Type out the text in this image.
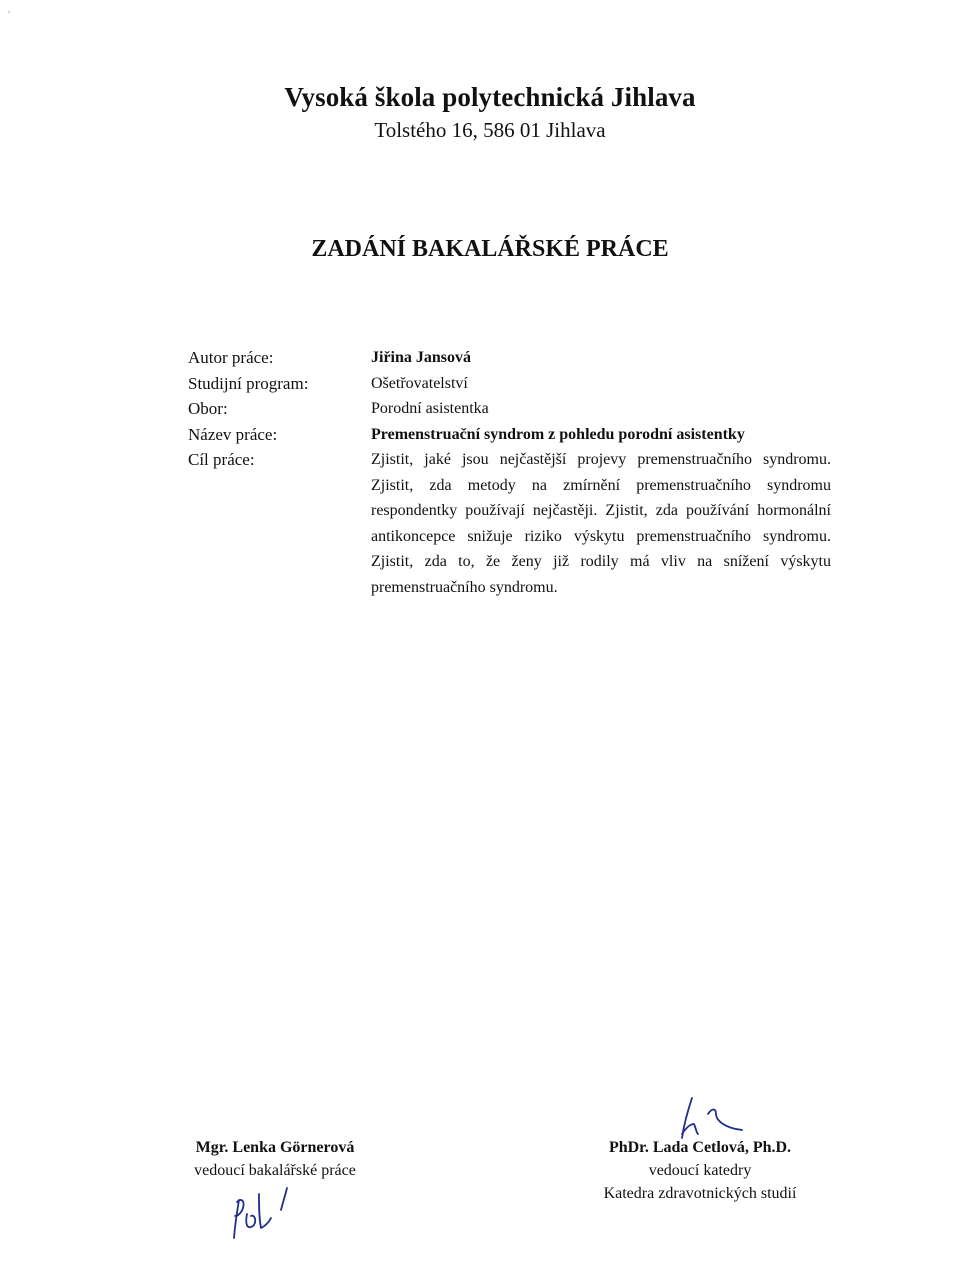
,
Vysoká škola polytechnická Jihlava

Tolstého 16, 586 01 Jihlava

ZADÁNÍ BAKALÁŘSKÉ PRÁCE
Autor práce:
Studijní program:
Obor:
Název práce:
Cíl práce:
Jiřina Jansová
Ošetřovatelství
Porodní asistentka
Premenstruační syndrom z pohledu porodní asistentky
Zjistit, jaké jsou nejčastější projevy premenstruačního syndromu. Zjistit, zda metody na zmírnění premenstruačního syndromu respondentky používají nejčastěji. Zjistit, zda používání hormonální antikoncepce snižuje riziko výskytu premenstruačního syndromu. Zjistit, zda to, že ženy již rodily má vliv na snížení výskytu premenstruačního syndromu.
Mgr. Lenka Görnerová
vedoucí bakalářské práce
PhDr. Lada Cetlová, Ph.D.
vedoucí katedry
Katedra zdravotnických studií
